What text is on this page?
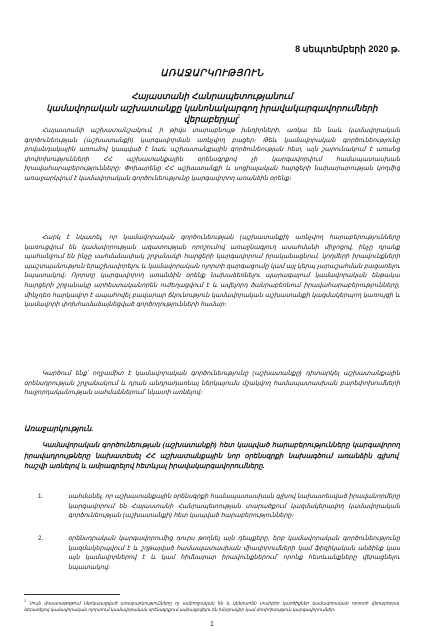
8 սեպտեմբերի 2020 թ.
ԱՌԱՋԱՐԿՈՒԹՅՈՒՆ
Հայաստանի Հանրապետությանում
կամավորական աշխատանքը կանոնակարգող իրավակարգավորումների վերաբերյալ$^1$

Հայաստանի աշխատանշակում, ի թիվս տարաբնույթ խնդիրների, առկա են նաև կամավորական գործունեության (աշխատանքի) կարգավորման առնչվող բացեր։ Թեև կամավորական գործունեությունը բովանդակային առումով կապված է նաև աշխատանքային գործունեության հետ, այն շարունակում է առանց փոփոխությունների ՀՀ աշխատանքային օրենսգրքով չի կարգավորվում համապատասխան իրավահարաբերությունները։ Փոխարենը ՀՀ աշխատանքի և սոցիալական հարցերի նախարարության կողմից առաջարկվում է կամավորական գործունեությունը կարգավորող առանձին օրենք։

Հարկ է նկատել, որ կամավորական գործունեության (աշխատանքի) առնչվող հարաբերությունները կառուցվում են կամավորության ազատության որոշումով առաջնագյուղ ասահմանի միջոցով, ինչը դրանք պահանջում են ինչը սահմանափակ շրջանակի հարցերի կարգավորում իրականացնում, կողմերի իրավունքների պաշտպանություն երաշխավորելու և կամավորական ոլորտի զարգացումը կամ այլ կերպ չարաշահման բացառելու նպատակով։ Ոլորտը կարգավորող առանձին օրենք նախաձեռնելու պարագայում կամավորական ենթակա հարցերի շրջանակը արհեստականորեն ուժեղացվում է և ավելորդ ծանրաբեռնում իրավահարաբերությունները, մինչդեռ հարկավոր է ապահովել բավարար ճկունություն կամավորական աշխատանքի կազմակերպող կառույցի և կամավորի փոխհամաձայնեցված գործողությունների համար։

Կարծում ենք՝ ողջամիտ է կամավորական գործունեությունը (աշխատանքը) դիտարկել աշխատանքային օրենսդրության շրջանակում և դրան անդրադառնալ ներկայումս մշակվող համապատասխան բարեփոխումների հաջորդականության սահմաններում՝ նկատի առնելով։

Առաջարկություն.

Կամավորական գործունեության (աշխատանքի) հետ կապված հարաբերությունները կարգավորող իրավադրույթները նախատեսել ՀՀ աշխատանքային նոր օրենսգրքի նախագծում առանձին գլխով՝ հաշվի առնելով և ամրագրելով հետևյալ իրավակարգավորումները.

1.	սահմանել, որ աշխատանքային օրենսգրքի համապատասխան գլխով նախատեսված իրավանորմերը կարգավորում են Հայաստանի Հանրապետության տարածքում կազմակերպվող կամավորական գործունեության (աշխատանքի) հետ կապված հարաբերությունները։
2.	օրենսդրական կարգավորումից դուրս թողնել այն դեպքերը, երբ կամավորական գործունեությունը կազմակերպվում է և շղթայված համապատասխան միավորումների կամ ֆիզիկական անձինք կամ այն կամավորներով է և կամ հիմնարար իրավունքներում՝ որոնք հետևանքները վերացնելու նպատակով։

$^1$ Սույն փաստաթղթում ներկայացված առաջարկությունները ոչ ամբողջական են և կներառեն տարբեր կարծիքներ կամավորական ոլորտի վերաբերյալ՝ ներառելով կամավորական ոլորտում կամավորական օրենսգրքում ամրագրվելու են խնդրակիր կամ փոփոխություն կարգավորումներ։

1
